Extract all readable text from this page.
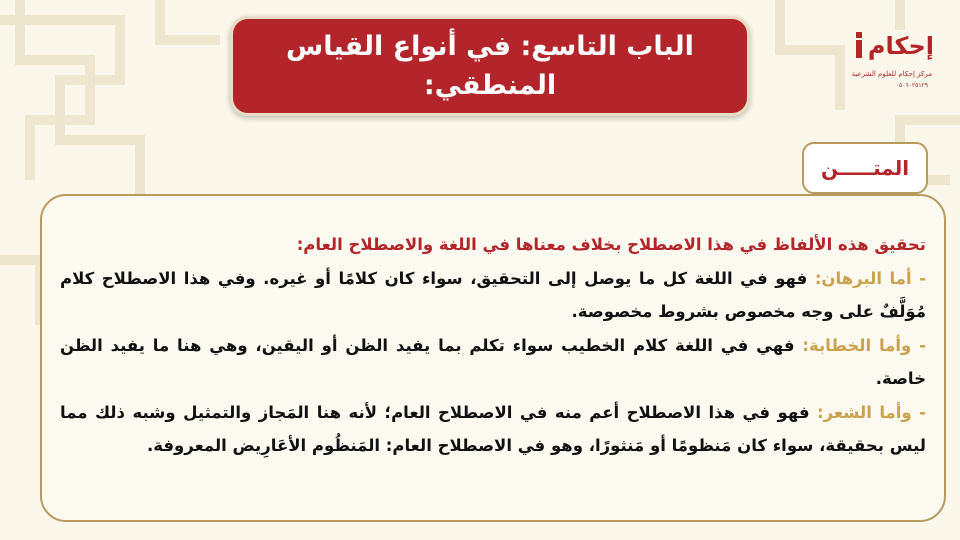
الباب التاسع: في أنواع القياس المنطقي:
إحكام
مركز إحكام للعلوم الشرعية
٠٥٠٦٠٢٥١٢٩
المتـــــن

تحقيق هذه الألفاظ في هذا الاصطلاح بخلاف معناها في اللغة والاصطلاح العام:

- أما البرهان: فهو في اللغة كل ما يوصل إلى التحقيق، سواء كان كلامًا أو غيره. وفي هذا الاصطلاح كلام مُوَلَّفٌ على وجه مخصوص بشروط مخصوصة.

- وأما الخطابة: فهي في اللغة كلام الخطيب سواء تكلم بما يفيد الظن أو اليقين، وهي هنا ما يفيد الظن خاصة.

- وأما الشعر: فهو في هذا الاصطلاح أعم منه في الاصطلاح العام؛ لأنه هنا المَجاز والتمثيل وشبه ذلك مما ليس بحقيقة، سواء كان مَنظومًا أو مَنثورًا، وهو في الاصطلاح العام: المَنظُوم الأعَارِيض المعروفة.
